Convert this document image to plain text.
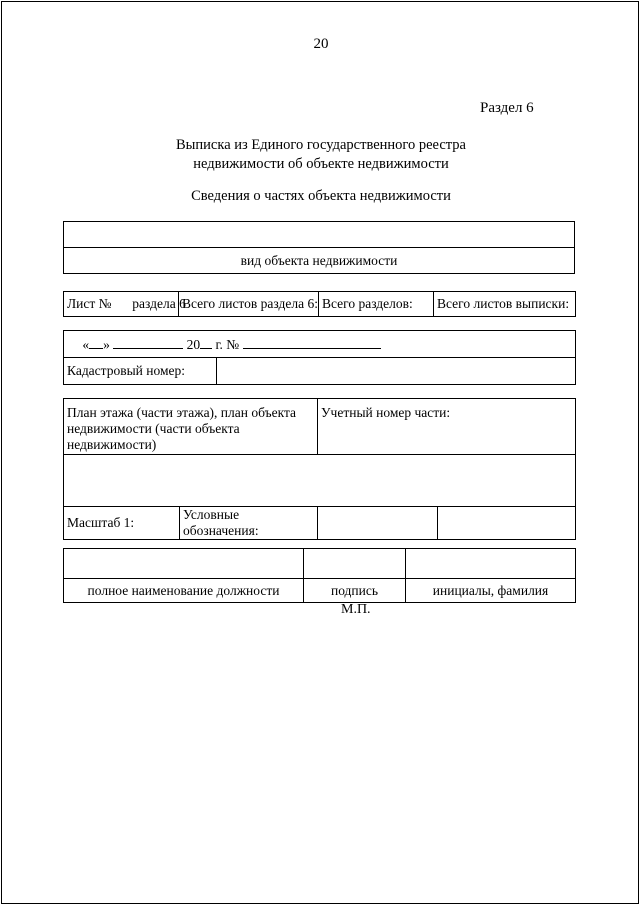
20
Раздел 6
Выписка из Единого государственного реестра
недвижимости об объекте недвижимости
Сведения о частях объекта недвижимости

вид объекта недвижимости
Лист № раздела 6	Всего листов раздела 6:	Всего разделов:	Всего листов выписки:
« »	20 г. №
Кадастровый номер:	
План этажа (части этажа), план объекта недвижимости (части объекта недвижимости)		Учетный номер части:	

Масштаб 1:	Условные обозначения:		

полное наименование должности	подпись	инициалы, фамилия
М.П.
